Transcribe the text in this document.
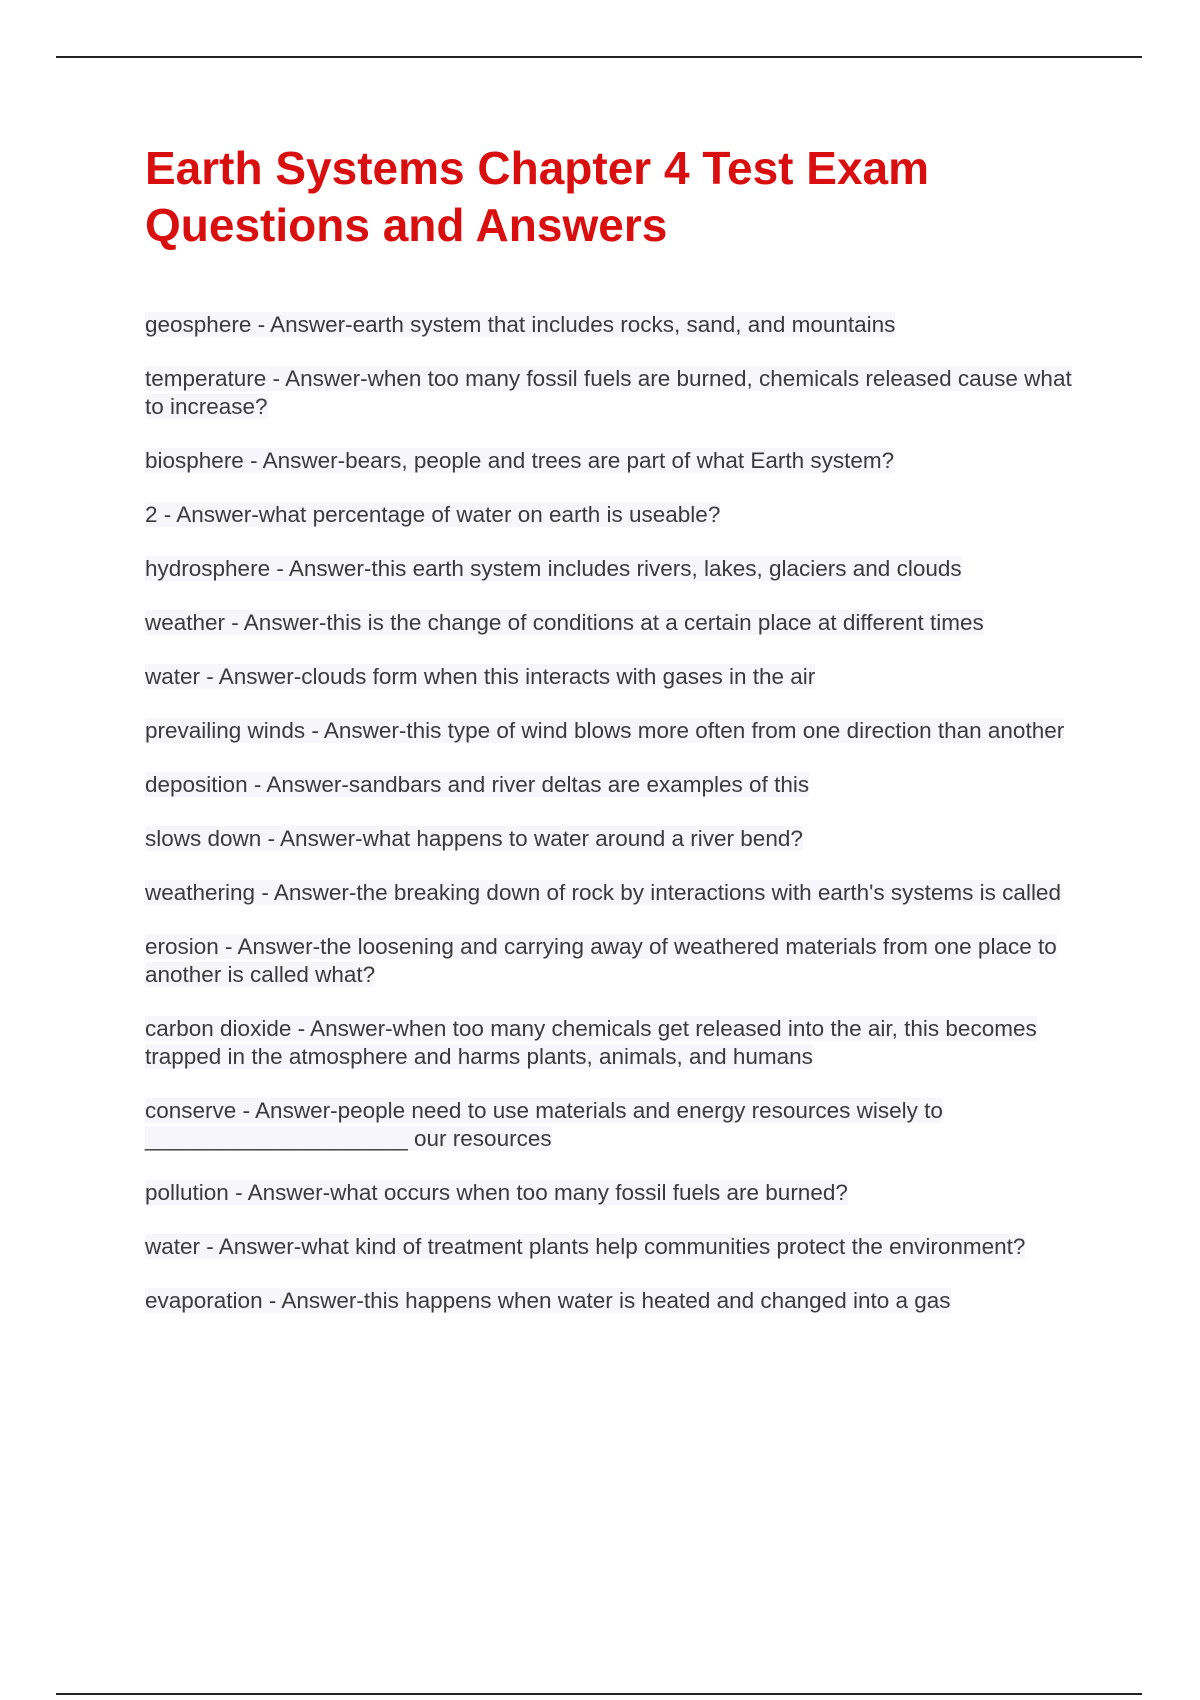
Earth Systems Chapter 4 Test Exam Questions and Answers
geosphere - Answer-earth system that includes rocks, sand, and mountains
temperature - Answer-when too many fossil fuels are burned, chemicals released cause what to increase?
biosphere - Answer-bears, people and trees are part of what Earth system?
2 - Answer-what percentage of water on earth is useable?
hydrosphere - Answer-this earth system includes rivers, lakes, glaciers and clouds
weather - Answer-this is the change of conditions at a certain place at different times
water - Answer-clouds form when this interacts with gases in the air
prevailing winds - Answer-this type of wind blows more often from one direction than another
deposition - Answer-sandbars and river deltas are examples of this
slows down - Answer-what happens to water around a river bend?
weathering - Answer-the breaking down of rock by interactions with earth's systems is called
erosion - Answer-the loosening and carrying away of weathered materials from one place to another is called what?
carbon dioxide - Answer-when too many chemicals get released into the air, this becomes trapped in the atmosphere and harms plants, animals, and humans
conserve - Answer-people need to use materials and energy resources wisely to _____________________ our resources
pollution - Answer-what occurs when too many fossil fuels are burned?
water - Answer-what kind of treatment plants help communities protect the environment?
evaporation - Answer-this happens when water is heated and changed into a gas
